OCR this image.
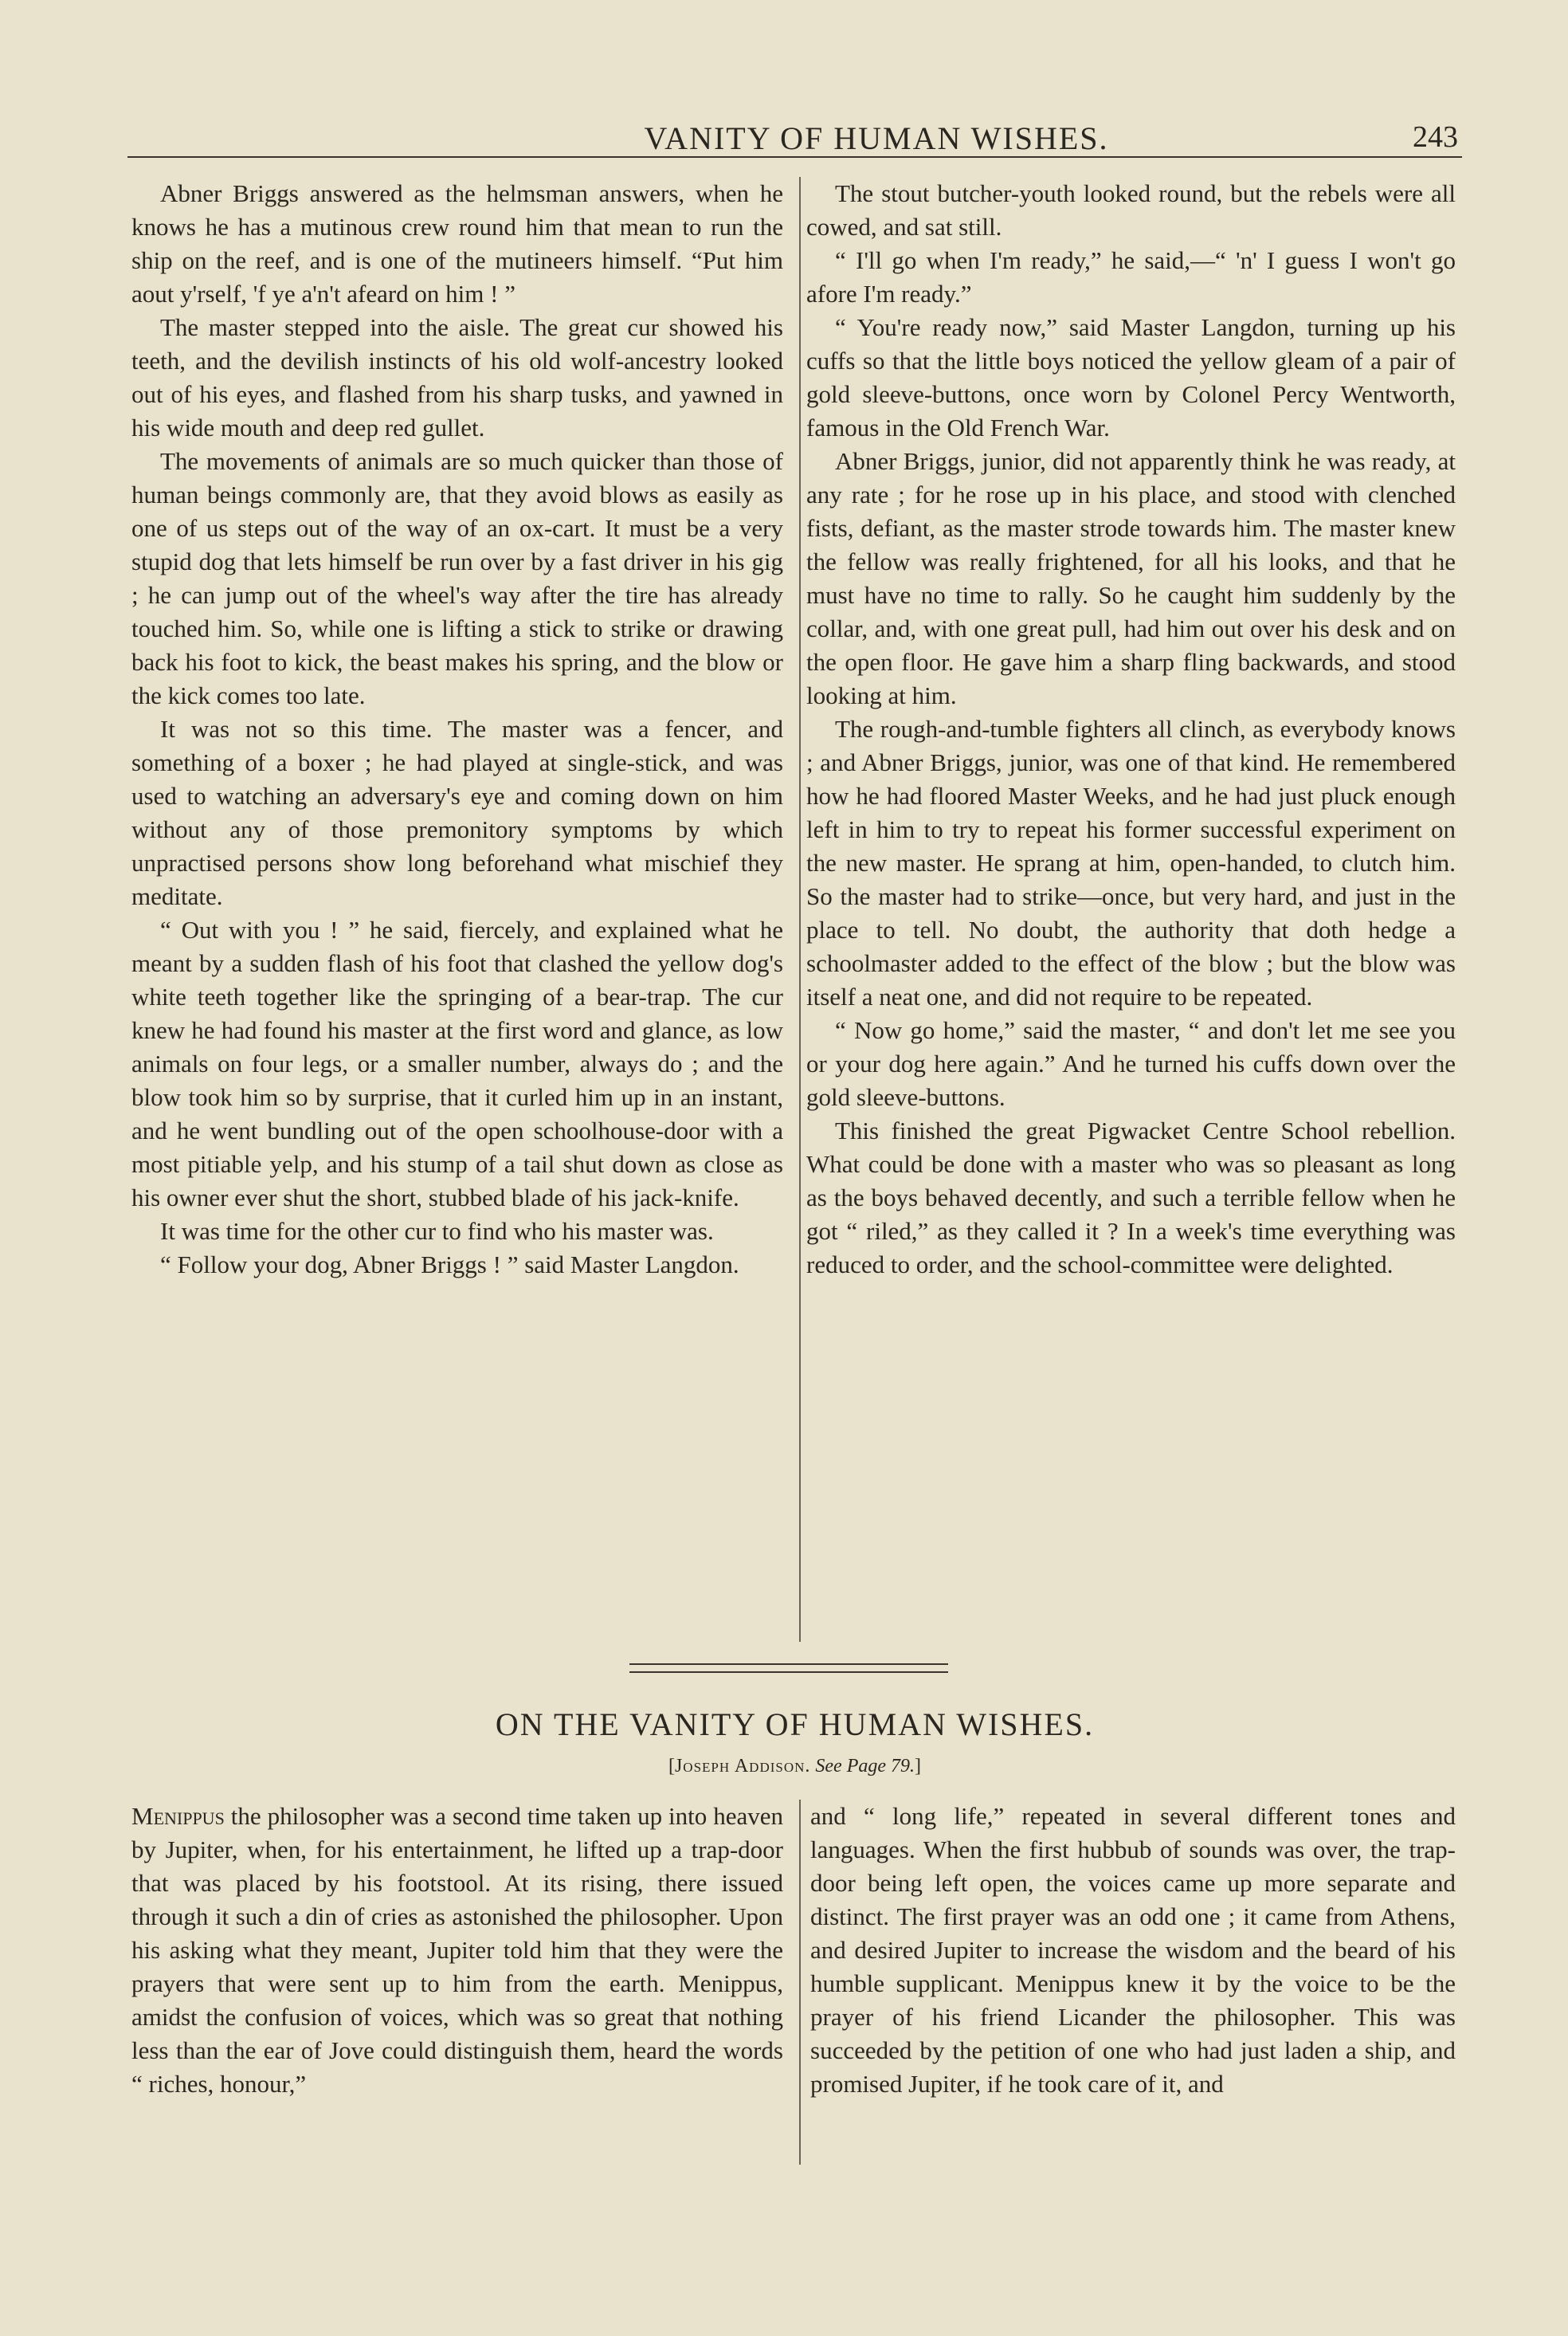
VANITY OF HUMAN WISHES.	243

Abner Briggs answered as the helmsman answers, when he knows he has a mutinous crew round him that mean to run the ship on the reef, and is one of the mutineers himself. “Put him aout y'rself, 'f ye a'n't afeard on him ! ”

The master stepped into the aisle. The great cur showed his teeth, and the devilish instincts of his old wolf-ancestry looked out of his eyes, and flashed from his sharp tusks, and yawned in his wide mouth and deep red gullet.

The movements of animals are so much quicker than those of human beings commonly are, that they avoid blows as easily as one of us steps out of the way of an ox-cart. It must be a very stupid dog that lets himself be run over by a fast driver in his gig ; he can jump out of the wheel's way after the tire has already touched him. So, while one is lifting a stick to strike or drawing back his foot to kick, the beast makes his spring, and the blow or the kick comes too late.

It was not so this time. The master was a fencer, and something of a boxer ; he had played at single-stick, and was used to watching an adversary's eye and coming down on him without any of those premonitory symptoms by which unpractised persons show long beforehand what mischief they meditate.

“ Out with you ! ” he said, fiercely, and explained what he meant by a sudden flash of his foot that clashed the yellow dog's white teeth together like the springing of a bear-trap. The cur knew he had found his master at the first word and glance, as low animals on four legs, or a smaller number, always do ; and the blow took him so by surprise, that it curled him up in an instant, and he went bundling out of the open schoolhouse-door with a most pitiable yelp, and his stump of a tail shut down as close as his owner ever shut the short, stubbed blade of his jack-knife.

It was time for the other cur to find who his master was.

“ Follow your dog, Abner Briggs ! ” said Master Langdon.

The stout butcher-youth looked round, but the rebels were all cowed, and sat still.

“ I'll go when I'm ready,” he said,—“ 'n' I guess I won't go afore I'm ready.”

“ You're ready now,” said Master Langdon, turning up his cuffs so that the little boys noticed the yellow gleam of a pair of gold sleeve-buttons, once worn by Colonel Percy Wentworth, famous in the Old French War.

Abner Briggs, junior, did not apparently think he was ready, at any rate ; for he rose up in his place, and stood with clenched fists, defiant, as the master strode towards him. The master knew the fellow was really frightened, for all his looks, and that he must have no time to rally. So he caught him suddenly by the collar, and, with one great pull, had him out over his desk and on the open floor. He gave him a sharp fling backwards, and stood looking at him.

The rough-and-tumble fighters all clinch, as everybody knows ; and Abner Briggs, junior, was one of that kind. He remembered how he had floored Master Weeks, and he had just pluck enough left in him to try to repeat his former successful experiment on the new master. He sprang at him, open-handed, to clutch him. So the master had to strike—once, but very hard, and just in the place to tell. No doubt, the authority that doth hedge a schoolmaster added to the effect of the blow ; but the blow was itself a neat one, and did not require to be repeated.

“ Now go home,” said the master, “ and don't let me see you or your dog here again.” And he turned his cuffs down over the gold sleeve-buttons.

This finished the great Pigwacket Centre School rebellion. What could be done with a master who was so pleasant as long as the boys behaved decently, and such a terrible fellow when he got “ riled,” as they called it ? In a week's time everything was reduced to order, and the school-committee were delighted.

ON THE VANITY OF HUMAN WISHES.
[Joseph Addison. See Page 79.]

Menippus the philosopher was a second time taken up into heaven by Jupiter, when, for his entertainment, he lifted up a trap-door that was placed by his footstool. At its rising, there issued through it such a din of cries as astonished the philosopher. Upon his asking what they meant, Jupiter told him that they were the prayers that were sent up to him from the earth. Menippus, amidst the confusion of voices, which was so great that nothing less than the ear of Jove could distinguish them, heard the words “ riches, honour,”

and “ long life,” repeated in several different tones and languages. When the first hubbub of sounds was over, the trap-door being left open, the voices came up more separate and distinct. The first prayer was an odd one ; it came from Athens, and desired Jupiter to increase the wisdom and the beard of his humble supplicant. Menippus knew it by the voice to be the prayer of his friend Licander the philosopher. This was succeeded by the petition of one who had just laden a ship, and promised Jupiter, if he took care of it, and
